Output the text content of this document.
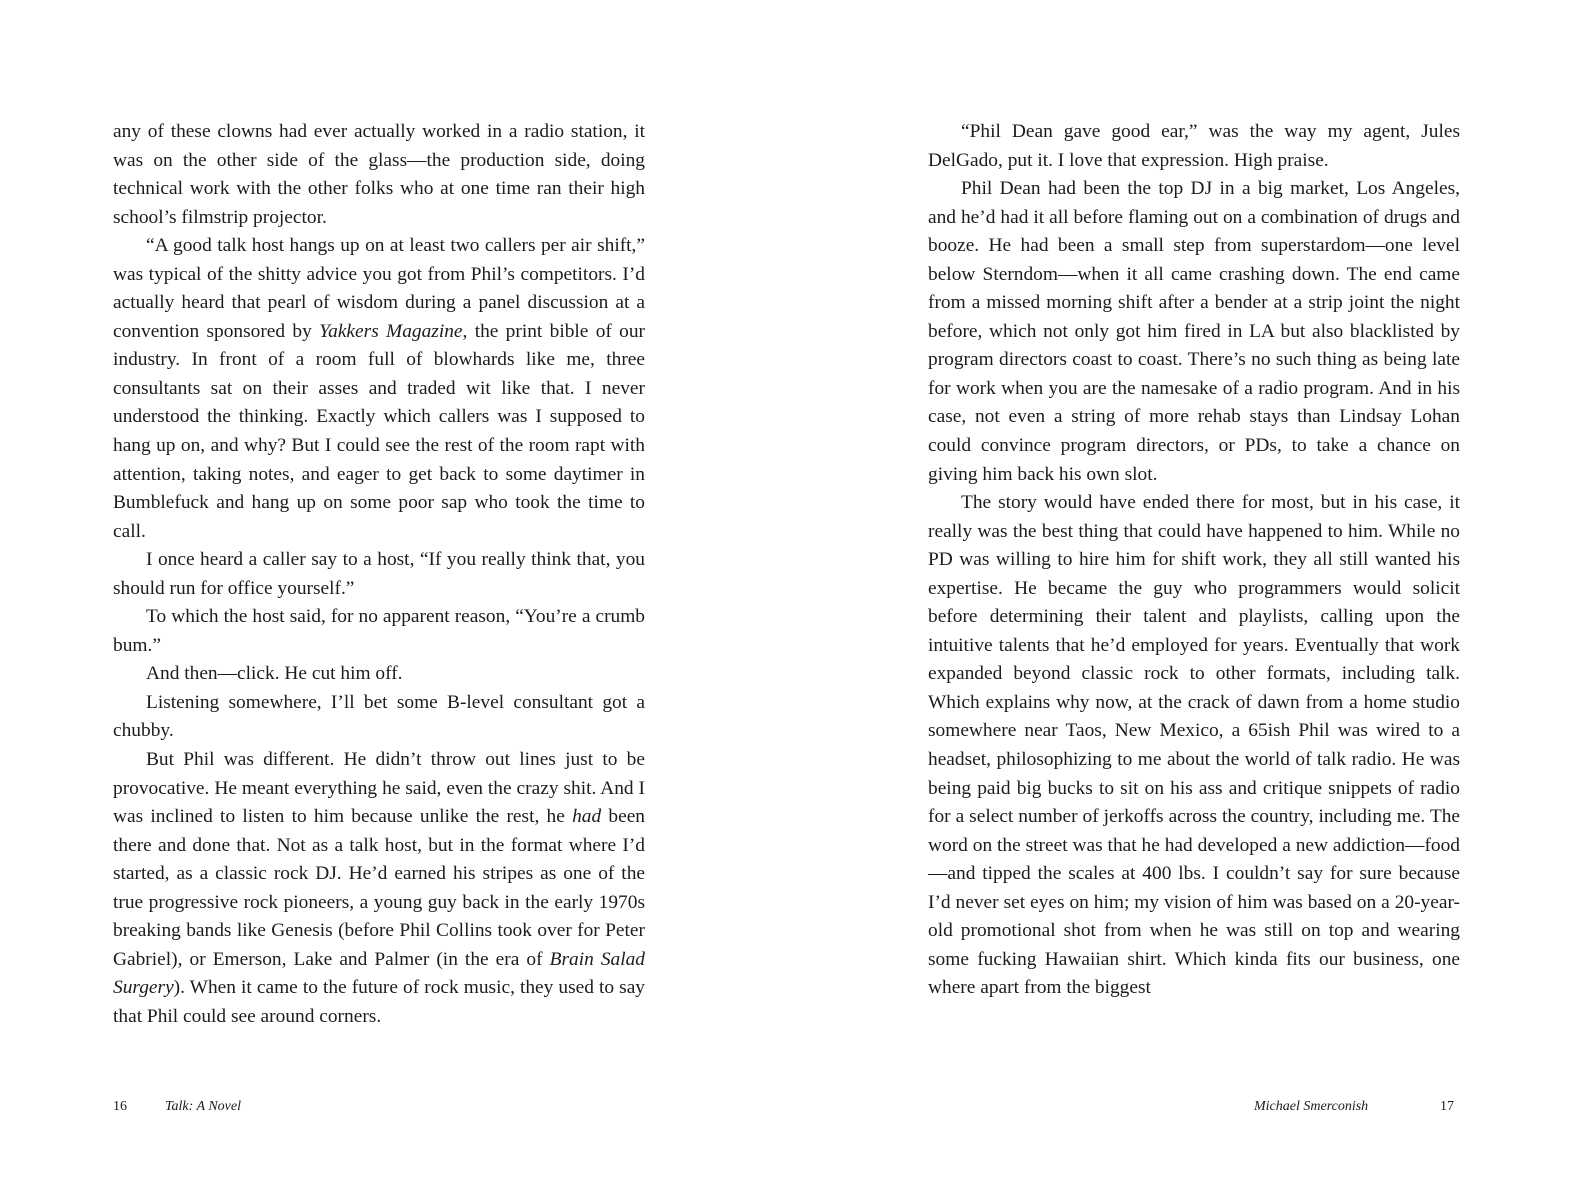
any of these clowns had ever actually worked in a radio station, it was on the other side of the glass—the production side, doing technical work with the other folks who at one time ran their high school’s filmstrip projector.

“A good talk host hangs up on at least two callers per air shift,” was typical of the shitty advice you got from Phil’s competitors. I’d actually heard that pearl of wisdom during a panel discussion at a convention sponsored by Yakkers Magazine, the print bible of our industry. In front of a room full of blowhards like me, three consultants sat on their asses and traded wit like that. I never understood the thinking. Exactly which callers was I supposed to hang up on, and why? But I could see the rest of the room rapt with attention, taking notes, and eager to get back to some daytimer in Bumblefuck and hang up on some poor sap who took the time to call.

I once heard a caller say to a host, “If you really think that, you should run for office yourself.”

To which the host said, for no apparent reason, “You’re a crumb bum.”

And then—click. He cut him off.

Listening somewhere, I’ll bet some B-level consultant got a chubby.

But Phil was different. He didn’t throw out lines just to be provocative. He meant everything he said, even the crazy shit. And I was inclined to listen to him because unlike the rest, he had been there and done that. Not as a talk host, but in the format where I’d started, as a classic rock DJ. He’d earned his stripes as one of the true progressive rock pioneers, a young guy back in the early 1970s breaking bands like Genesis (before Phil Collins took over for Peter Gabriel), or Emerson, Lake and Palmer (in the era of Brain Salad Surgery). When it came to the future of rock music, they used to say that Phil could see around corners.

“Phil Dean gave good ear,” was the way my agent, Jules DelGado, put it. I love that expression. High praise.

Phil Dean had been the top DJ in a big market, Los Angeles, and he’d had it all before flaming out on a combination of drugs and booze. He had been a small step from superstardom—one level below Sterndom—when it all came crashing down. The end came from a missed morning shift after a bender at a strip joint the night before, which not only got him fired in LA but also blacklisted by program directors coast to coast. There’s no such thing as being late for work when you are the namesake of a radio program. And in his case, not even a string of more rehab stays than Lindsay Lohan could convince program directors, or PDs, to take a chance on giving him back his own slot.

The story would have ended there for most, but in his case, it really was the best thing that could have happened to him. While no PD was willing to hire him for shift work, they all still wanted his expertise. He became the guy who programmers would solicit before determining their talent and playlists, calling upon the intuitive talents that he’d employed for years. Eventually that work expanded beyond classic rock to other formats, including talk. Which explains why now, at the crack of dawn from a home studio somewhere near Taos, New Mexico, a 65ish Phil was wired to a headset, philosophizing to me about the world of talk radio. He was being paid big bucks to sit on his ass and critique snippets of radio for a select number of jerkoffs across the country, including me. The word on the street was that he had developed a new addiction—food—and tipped the scales at 400 lbs. I couldn’t say for sure because I’d never set eyes on him; my vision of him was based on a 20-year-old promotional shot from when he was still on top and wearing some fucking Hawaiian shirt. Which kinda fits our business, one where apart from the biggest

16	Talk: A Novel	Michael Smerconish	17
